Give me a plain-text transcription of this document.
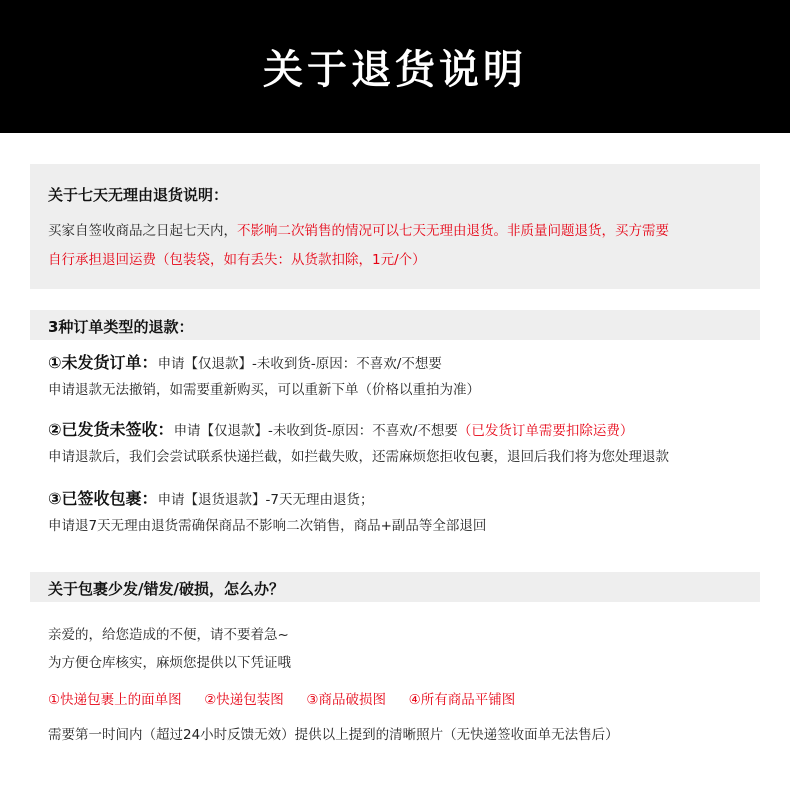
关于退货说明
关于七天无理由退货说明：
买家自签收商品之日起七天内，不影响二次销售的情况可以七天无理由退货。非质量问题退货，买方需要
自行承担退回运费（包装袋，如有丢失：从货款扣除，1元/个）
3种订单类型的退款：
①未发货订单：申请【仅退款】-未收到货-原因：不喜欢/不想要
申请退款无法撤销，如需要重新购买，可以重新下单（价格以重拍为准）
②已发货未签收：申请【仅退款】-未收到货-原因：不喜欢/不想要（已发货订单需要扣除运费）
申请退款后，我们会尝试联系快递拦截，如拦截失败，还需麻烦您拒收包裹，退回后我们将为您处理退款
③已签收包裹：申请【退货退款】-7天无理由退货；
申请退7天无理由退货需确保商品不影响二次销售，商品+副品等全部退回
关于包裹少发/错发/破损，怎么办？
亲爱的，给您造成的不便，请不要着急~
为方便仓库核实，麻烦您提供以下凭证哦
①快递包裹上的面单图 ②快递包装图 ③商品破损图 ④所有商品平铺图
需要第一时间内（超过24小时反馈无效）提供以上提到的清晰照片（无快递签收面单无法售后）
